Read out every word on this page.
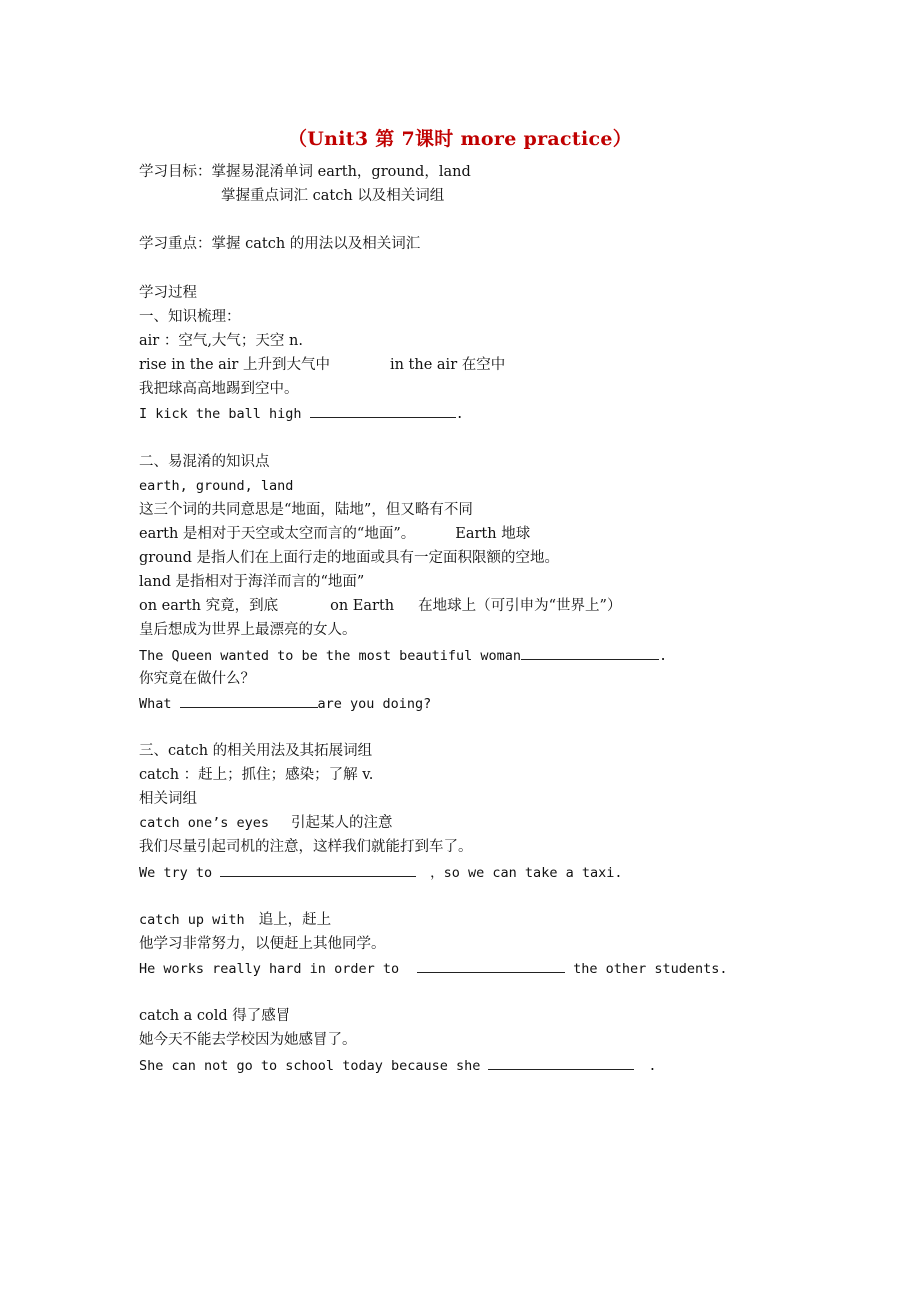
（Unit3 第 7课时 more practice）
学习目标：掌握易混淆单词 earth，ground，land
掌握重点词汇 catch 以及相关词组
学习重点：掌握 catch 的用法以及相关词汇
学习过程
一、知识梳理：
air ：空气,大气；天空 n.
rise in the air 上升到大气中	in the air 在空中
我把球高高地踢到空中。
I kick the ball high	.
二、易混淆的知识点
earth, ground, land
这三个词的共同意思是“地面，陆地”，但又略有不同
earth 是相对于天空或太空而言的“地面”。	Earth 地球
ground 是指人们在上面行走的地面或具有一定面积限额的空地。
land 是指相对于海洋而言的“地面”
on earth 究竟，到底	on Earth 在地球上（可引申为“世界上”）
皇后想成为世界上最漂亮的女人。
The Queen wanted to be the most beautiful woman	.
你究竟在做什么？
What	are you doing?
三、catch 的相关用法及其拓展词组
catch ：赶上；抓住；感染；了解 v.
相关词组
catch one’s eyes 引起某人的注意
我们尽量引起司机的注意，这样我们就能打到车了。
We try to	，so we can take a taxi.
catch up with 追上，赶上
他学习非常努力，以便赶上其他同学。
He works really hard in order to	the other students.
catch a cold 得了感冒
她今天不能去学校因为她感冒了。
She can not go to school today because she	.
